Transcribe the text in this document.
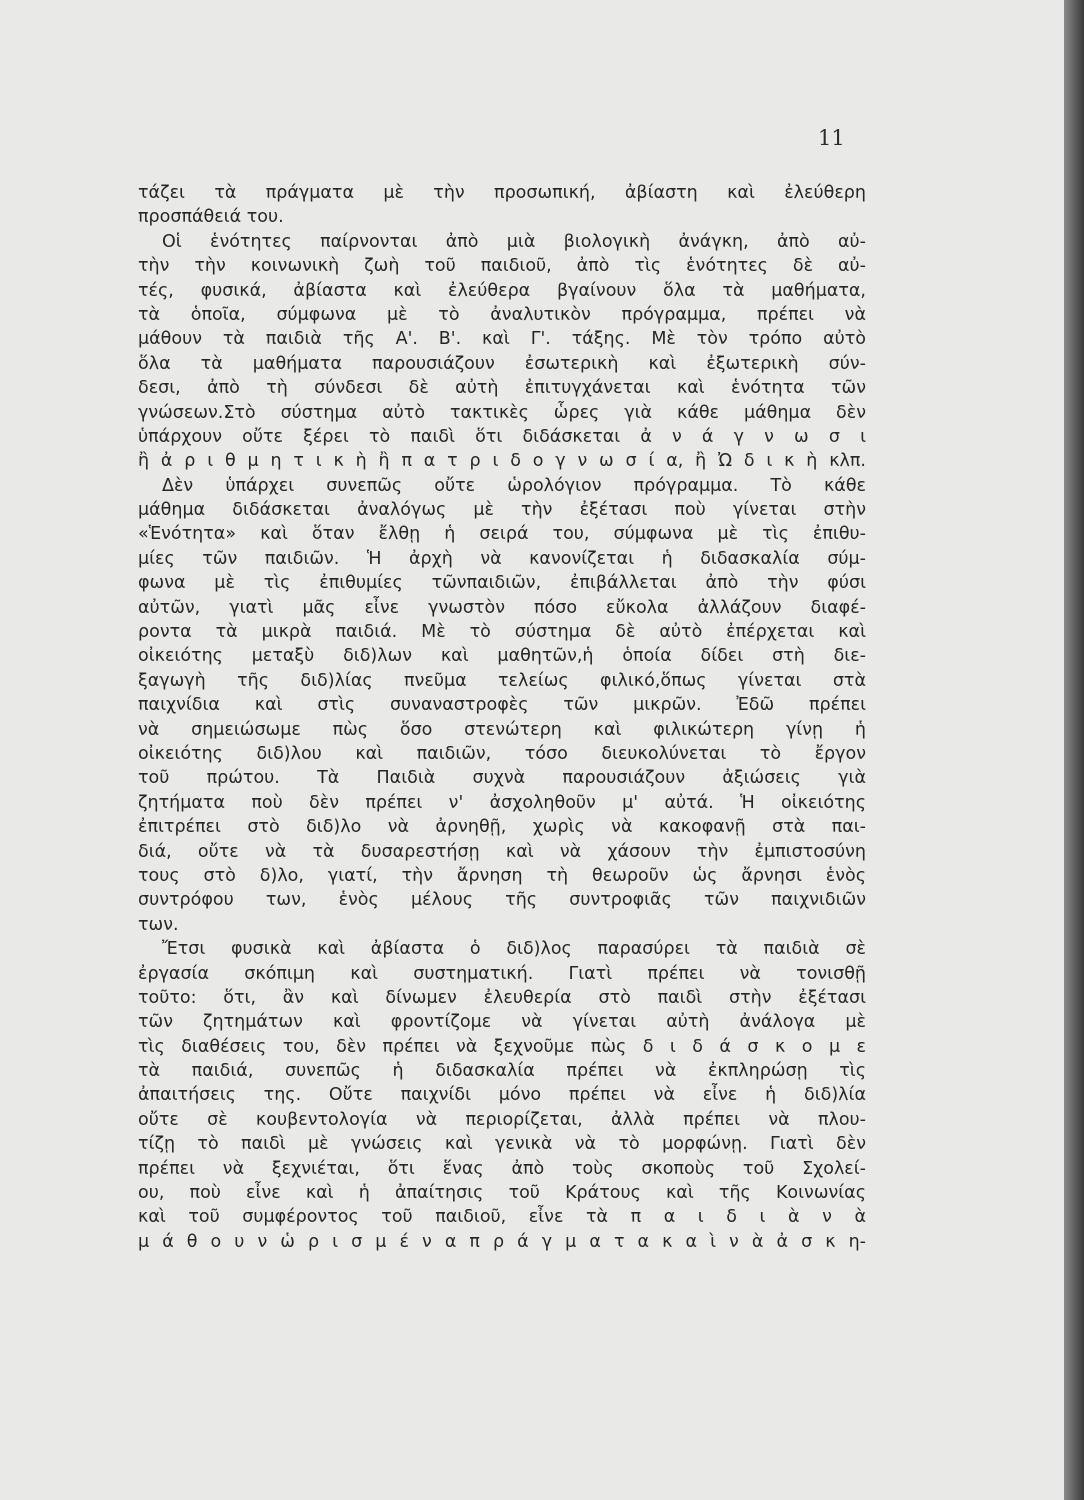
11
τάζει τὰ πράγματα μὲ τὴν προσωπική, ἀβίαστη καὶ ἐλεύθερη
προσπάθειά του.
Οἱ ἑνότητες παίρνονται ἀπὸ μιὰ βιολογικὴ ἀνάγκη, ἀπὸ αὐ-
τὴν τὴν κοινωνικὴ ζωὴ τοῦ παιδιοῦ, ἀπὸ τὶς ἑνότητες δὲ αὐ-
τές, φυσικά, ἀβίαστα καὶ ἐλεύθερα βγαίνουν ὅλα τὰ μαθήματα,
τὰ ὁποῖα, σύμφωνα μὲ τὸ ἀναλυτικὸν πρόγραμμα, πρέπει νὰ
μάθουν τὰ παιδιὰ τῆς Α'. Β'. καὶ Γ'. τάξης. Μὲ τὸν τρόπο αὐτὸ
ὅλα τὰ μαθήματα παρουσιάζουν ἐσωτερικὴ καὶ ἐξωτερικὴ σύν-
δεσι, ἀπὸ τὴ σύνδεσι δὲ αὐτὴ ἐπιτυγχάνεται καὶ ἑνότητα τῶν
γνώσεων.Στὸ σύστημα αὐτὸ τακτικὲς ὧρες γιὰ κάθε μάθημα δὲν
ὑπάρχουν οὔτε ξέρει τὸ παιδὶ ὅτι διδάσκεται ἀ ν ά γ ν ω σ ι
ἢ ἀ ρ ι θ μ η τ ι κ ὴ ἢ π α τ ρ ι δ ο γ ν ω σ ί α, ἢ Ὠ δ ι κ ὴ κλπ.
Δὲν ὑπάρχει συνεπῶς οὔτε ὡρολόγιον πρόγραμμα. Τὸ κάθε
μάθημα διδάσκεται ἀναλόγως μὲ τὴν ἐξέτασι ποὺ γίνεται στὴν
«Ἑνότητα» καὶ ὅταν ἔλθῃ ἡ σειρά του, σύμφωνα μὲ τὶς ἐπιθυ-
μίες τῶν παιδιῶν. Ἡ ἀρχὴ νὰ κανονίζεται ἡ διδασκαλία σύμ-
φωνα μὲ τὶς ἐπιθυμίες τῶνπαιδιῶν, ἐπιβάλλεται ἀπὸ τὴν φύσι
αὐτῶν, γιατὶ μᾶς εἶνε γνωστὸν πόσο εὔκολα ἀλλάζουν διαφέ-
ροντα τὰ μικρὰ παιδιά. Μὲ τὸ σύστημα δὲ αὐτὸ ἐπέρχεται καὶ
οἰκειότης μεταξὺ διδ)λων καὶ μαθητῶν,ἡ ὁποία δίδει στὴ διε-
ξαγωγὴ τῆς διδ)λίας πνεῦμα τελείως φιλικό,ὅπως γίνεται στὰ
παιχνίδια καὶ στὶς συναναστροφὲς τῶν μικρῶν. Ἐδῶ πρέπει
νὰ σημειώσωμε πὼς ὅσο στενώτερη καὶ φιλικώτερη γίνῃ ἡ
οἰκειότης διδ)λου καὶ παιδιῶν, τόσο διευκολύνεται τὸ ἔργον
τοῦ πρώτου. Τὰ Παιδιὰ συχνὰ παρουσιάζουν ἀξιώσεις γιὰ
ζητήματα ποὺ δὲν πρέπει ν' ἀσχοληθοῦν μ' αὐτά. Ἡ οἰκειότης
ἐπιτρέπει στὸ διδ)λο νὰ ἀρνηθῇ, χωρὶς νὰ κακοφανῇ στὰ παι-
διά, οὔτε νὰ τὰ δυσαρεστήσῃ καὶ νὰ χάσουν τὴν ἐμπιστοσύνη
τους στὸ δ)λο, γιατί, τὴν ἄρνηση τὴ θεωροῦν ὡς ἄρνησι ἑνὸς
συντρόφου των, ἑνὸς μέλους τῆς συντροφιᾶς τῶν παιχνιδιῶν
των.
Ἔτσι φυσικὰ καὶ ἀβίαστα ὁ διδ)λος παρασύρει τὰ παιδιὰ σὲ
ἐργασία σκόπιμη καὶ συστηματική. Γιατὶ πρέπει νὰ τονισθῇ
τοῦτο: ὅτι, ἂν καὶ δίνωμεν ἐλευθερία στὸ παιδὶ στὴν ἐξέτασι
τῶν ζητημάτων καὶ φροντίζομε νὰ γίνεται αὐτὴ ἀνάλογα μὲ
τὶς διαθέσεις του, δὲν πρέπει νὰ ξεχνοῦμε πὼς δ ι δ ά σ κ ο μ ε
τὰ παιδιά, συνεπῶς ἡ διδασκαλία πρέπει νὰ ἐκπληρώσῃ τὶς
ἀπαιτήσεις της. Οὔτε παιχνίδι μόνο πρέπει νὰ εἶνε ἡ διδ)λία
οὔτε σὲ κουβεντολογία νὰ περιορίζεται, ἀλλὰ πρέπει νὰ πλου-
τίζῃ τὸ παιδὶ μὲ γνώσεις καὶ γενικὰ νὰ τὸ μορφώνῃ. Γιατὶ δὲν
πρέπει νὰ ξεχνιέται, ὅτι ἕνας ἀπὸ τοὺς σκοποὺς τοῦ Σχολεί-
ου, ποὺ εἶνε καὶ ἡ ἀπαίτησις τοῦ Κράτους καὶ τῆς Κοινωνίας
καὶ τοῦ συμφέροντος τοῦ παιδιοῦ, εἶνε τὰ π α ι δ ι ὰ ν ὰ
μ ά θ ο υ ν ὡ ρ ι σ μ έ ν α π ρ ά γ μ α τ α κ α ὶ ν ὰ ἀ σ κ η-
